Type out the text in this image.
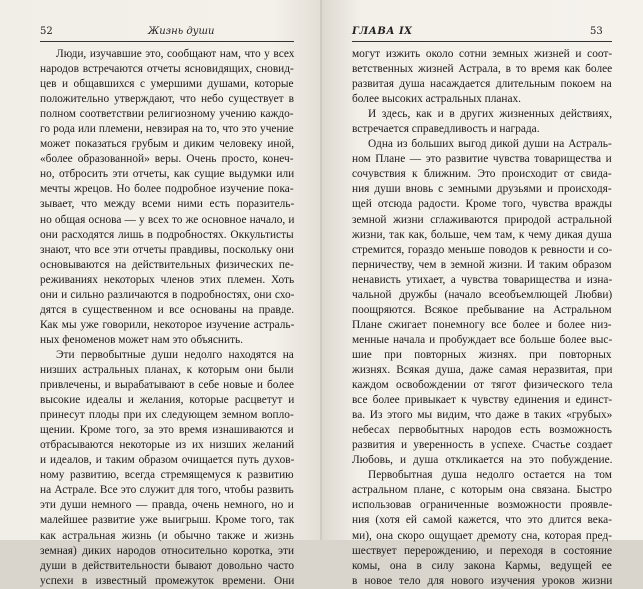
52	Жизнь души
Люди, изучавшие это, сообщают нам, что у всех
народов встречаются отчеты ясновидящих, сновид-
цев и общавшихся с умершими душами, которые
положительно утверждают, что небо существует в
полном соответствии религиозному учению каждо-
го рода или племени, невзирая на то, что это учение
может показаться грубым и диким человеку иной,
«более образованной» веры. Очень просто, конеч-
но, отбросить эти отчеты, как сущие выдумки или
мечты жрецов. Но более подробное изучение пока-
зывает, что между всеми ними есть поразитель-
но общая основа — у всех то же основное начало, и
они расходятся лишь в подробностях. Оккультисты
знают, что все эти отчеты правдивы, поскольку они
основываются на действительных физических пе-
реживаниях некоторых членов этих племен. Хоть
они и сильно различаются в подробностях, они схо-
дятся в существенном и все основаны на правде.
Как мы уже говорили, некоторое изучение астраль-
ных феноменов может нам это объяснить.
Эти первобытные души недолго находятся на
низших астральных планах, к которым они были
привлечены, и вырабатывают в себе новые и более
высокие идеалы и желания, которые расцветут и
принесут плоды при их следующем земном вопло-
щении. Кроме того, за это время изнашиваются и
отбрасываются некоторые из их низших желаний
и идеалов, и таким образом очищается путь духов-
ному развитию, всегда стремящемуся к развитию
на Астрале. Все это служит для того, чтобы развить
эти души немного — правда, очень немного, но и
малейшее развитие уже выигрыш. Кроме того, так
как астральная жизнь (и обычно также и жизнь
земная) диких народов относительно коротка, эти
души в действительности бывают довольно часто
успехи в известный промежуток времени. Они
ГЛАВА IX	53
могут изжить около сотни земных жизней и соот-
ветственных жизней Астрала, в то время как более
развитая душа насаждается длительным покоем на
более высоких астральных планах.
И здесь, как и в других жизненных действиях,
встречается справедливость и награда.
Одна из больших выгод дикой души на Астраль-
ном Плане — это развитие чувства товарищества и
сочувствия к ближним. Это происходит от свида-
ния души вновь с земными друзьями и происходя-
щей отсюда радости. Кроме того, чувства вражды
земной жизни сглаживаются природой астральной
жизни, так как, больше, чем там, к чему дикая душа
стремится, гораздо меньше поводов к ревности и со-
перничеству, чем в земной жизни. И таким образом
ненависть утихает, а чувства товарищества и изна-
чальной дружбы (начало всеобъемлющей Любви)
поощряются. Всякое пребывание на Астральном
Плане сжигает понемногу все более и более низ-
менные начала и пробуждает все больше более выс-
шие при повторных жизнях. при повторных
жизнях. Всякая душа, даже самая неразвитая, при
каждом освобождении от тягот физического тела
все более привыкает к чувству единения и единст-
ва. Из этого мы видим, что даже в таких «грубых»
небесах первобытных народов есть возможность
развития и уверенность в успехе. Счастье создает
Любовь, и душа откликается на это побуждение.
Первобытная душа недолго остается на том
астральном плане, с которым она связана. Быстро
использовав ограниченные возможности проявле-
ния (хотя ей самой кажется, что это длится века-
ми), она скоро ощущает дремоту сна, которая пред-
шествует перерождению, и переходя в состояние
комы, она в силу закона Кармы, ведущей ее
в новое тело для нового изучения уроков жизни
